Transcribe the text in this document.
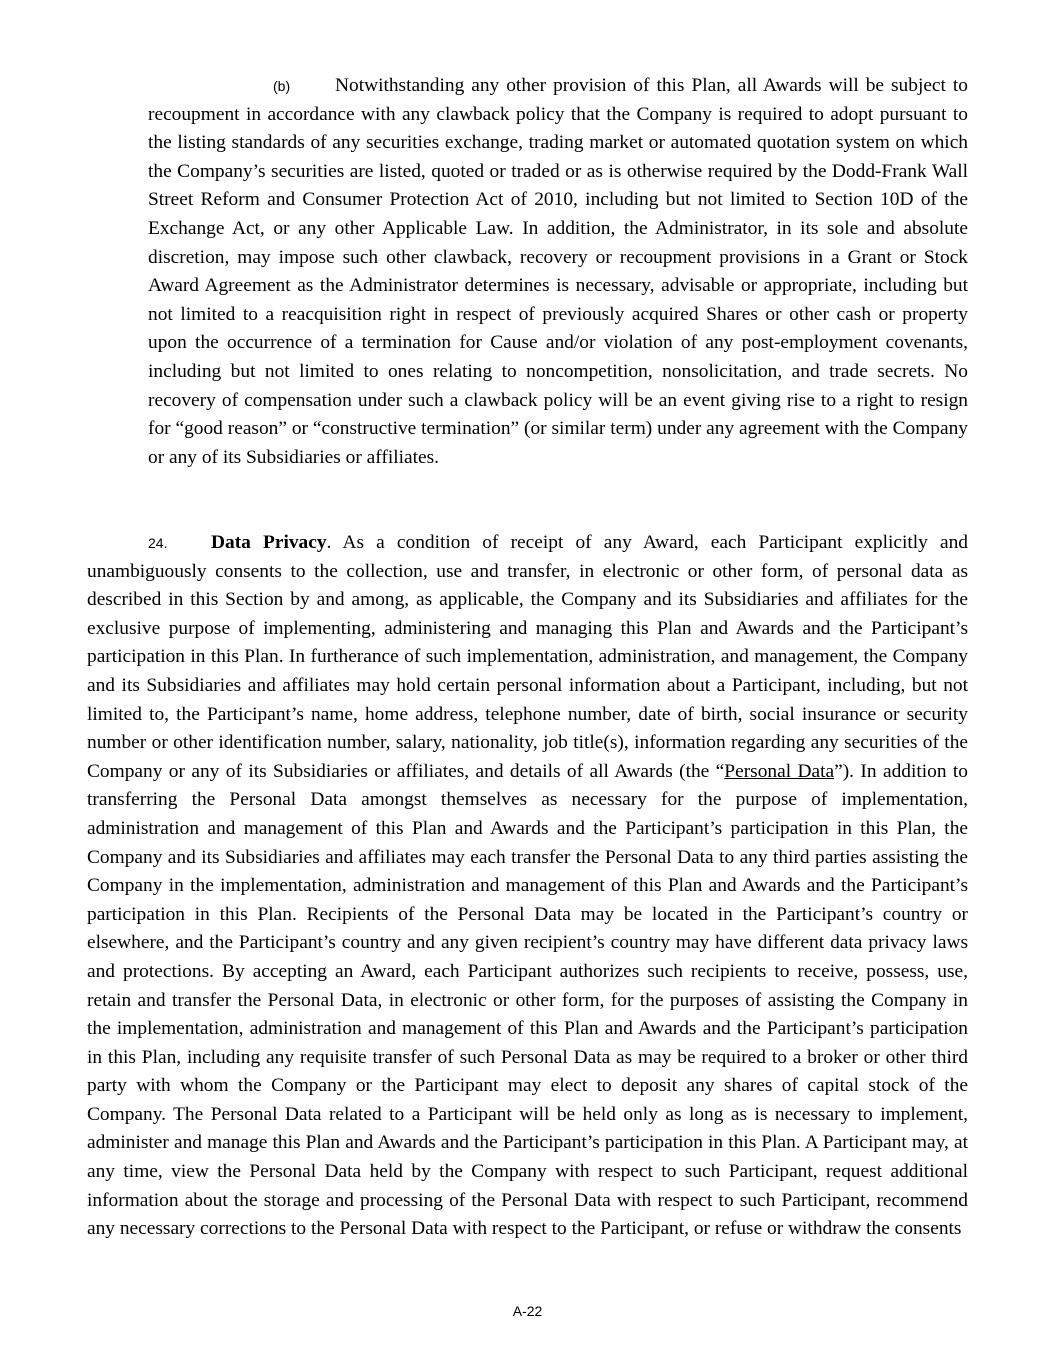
(b) Notwithstanding any other provision of this Plan, all Awards will be subject to recoupment in accordance with any clawback policy that the Company is required to adopt pursuant to the listing standards of any securities exchange, trading market or automated quotation system on which the Company’s securities are listed, quoted or traded or as is otherwise required by the Dodd-Frank Wall Street Reform and Consumer Protection Act of 2010, including but not limited to Section 10D of the Exchange Act, or any other Applicable Law. In addition, the Administrator, in its sole and absolute discretion, may impose such other clawback, recovery or recoupment provisions in a Grant or Stock Award Agreement as the Administrator determines is necessary, advisable or appropriate, including but not limited to a reacquisition right in respect of previously acquired Shares or other cash or property upon the occurrence of a termination for Cause and/or violation of any post-employment covenants, including but not limited to ones relating to noncompetition, nonsolicitation, and trade secrets. No recovery of compensation under such a clawback policy will be an event giving rise to a right to resign for “good reason” or “constructive termination” (or similar term) under any agreement with the Company or any of its Subsidiaries or affiliates.

24. Data Privacy. As a condition of receipt of any Award, each Participant explicitly and unambiguously consents to the collection, use and transfer, in electronic or other form, of personal data as described in this Section by and among, as applicable, the Company and its Subsidiaries and affiliates for the exclusive purpose of implementing, administering and managing this Plan and Awards and the Participant’s participation in this Plan. In furtherance of such implementation, administration, and management, the Company and its Subsidiaries and affiliates may hold certain personal information about a Participant, including, but not limited to, the Participant’s name, home address, telephone number, date of birth, social insurance or security number or other identification number, salary, nationality, job title(s), information regarding any securities of the Company or any of its Subsidiaries or affiliates, and details of all Awards (the “Personal Data”). In addition to transferring the Personal Data amongst themselves as necessary for the purpose of implementation, administration and management of this Plan and Awards and the Participant’s participation in this Plan, the Company and its Subsidiaries and affiliates may each transfer the Personal Data to any third parties assisting the Company in the implementation, administration and management of this Plan and Awards and the Participant’s participation in this Plan. Recipients of the Personal Data may be located in the Participant’s country or elsewhere, and the Participant’s country and any given recipient’s country may have different data privacy laws and protections. By accepting an Award, each Participant authorizes such recipients to receive, possess, use, retain and transfer the Personal Data, in electronic or other form, for the purposes of assisting the Company in the implementation, administration and management of this Plan and Awards and the Participant’s participation in this Plan, including any requisite transfer of such Personal Data as may be required to a broker or other third party with whom the Company or the Participant may elect to deposit any shares of capital stock of the Company. The Personal Data related to a Participant will be held only as long as is necessary to implement, administer and manage this Plan and Awards and the Participant’s participation in this Plan. A Participant may, at any time, view the Personal Data held by the Company with respect to such Participant, request additional information about the storage and processing of the Personal Data with respect to such Participant, recommend any necessary corrections to the Personal Data with respect to the Participant, or refuse or withdraw the consents

A-22
